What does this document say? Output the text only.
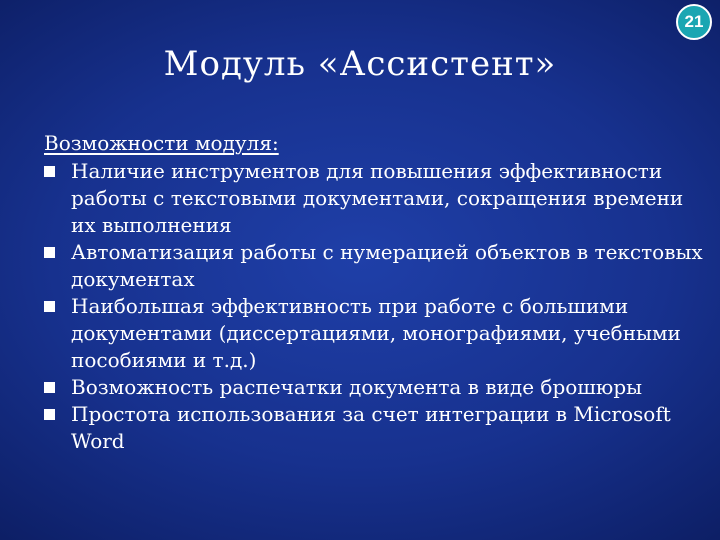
21
Модуль «Ассистент»
Возможности модуля:
Наличие инструментов для повышения эффективности работы с текстовыми документами, сокращения времени их выполнения
Автоматизация работы с нумерацией объектов в текстовых документах
Наибольшая эффективность при работе с большими документами (диссертациями, монографиями, учебными пособиями и т.д.)
Возможность распечатки документа в виде брошюры
Простота использования за счет интеграции в Microsoft Word
